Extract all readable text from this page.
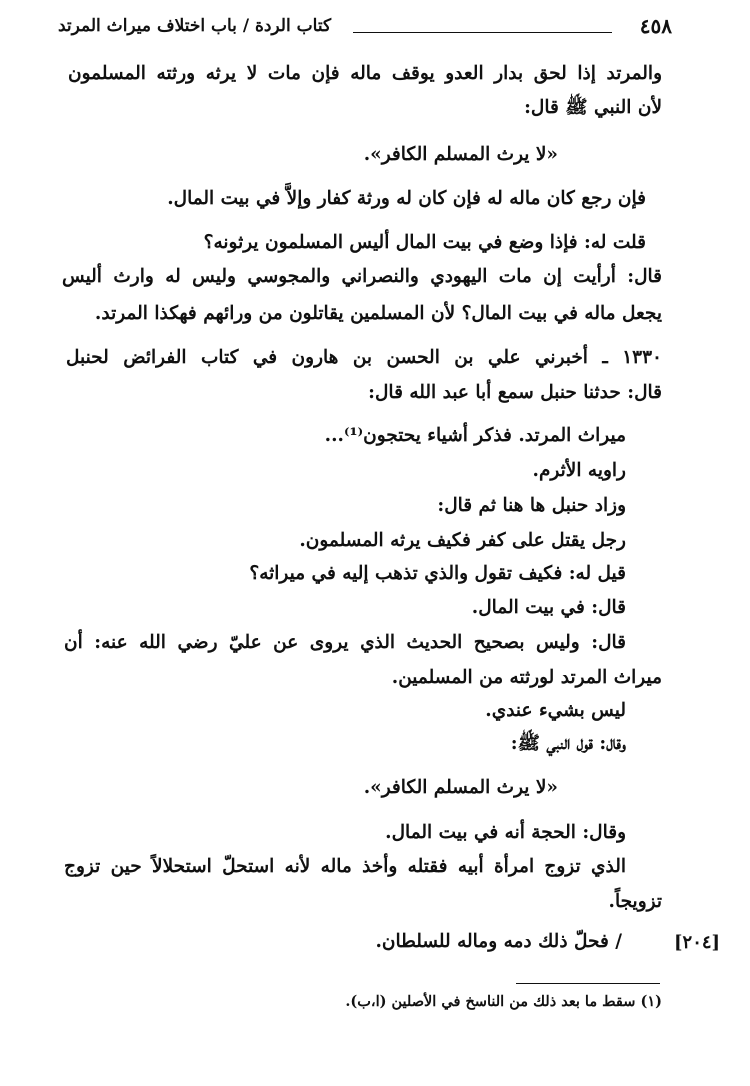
٤٥٨
كتاب الردة / باب اختلاف ميراث المرتد
والمرتد إذا لحق بدار العدو يوقف ماله فإن مات لا يرثه ورثته المسلمون
لأن النبي ﷺ قال:
«لا يرث المسلم الكافر».
فإن رجع كان ماله له فإن كان له ورثة كفار وإلاَّ في بيت المال.
قلت له: فإذا وضع في بيت المال أليس المسلمون يرثونه؟
قال: أرأيت إن مات اليهودي والنصراني والمجوسي وليس له وارث أليس
يجعل ماله في بيت المال؟ لأن المسلمين يقاتلون من ورائهم فهكذا المرتد.
١٣٣٠ ـ أخبرني علي بن الحسن بن هارون في كتاب الفرائض لحنبل
قال: حدثنا حنبل سمع أبا عبد الله قال:
ميراث المرتد. فذكر أشياء يحتجون⁽¹⁾...
راويه الأثرم.
وزاد حنبل ها هنا ثم قال:
رجل يقتل على كفر فكيف يرثه المسلمون.
قيل له: فكيف تقول والذي تذهب إليه في ميراثه؟
قال: في بيت المال.
قال: وليس بصحيح الحديث الذي يروى عن عليّ رضي الله عنه: أن
ميراث المرتد لورثته من المسلمين.
ليس بشيء عندي.
وقال: قول النبي ﷺ:
«لا يرث المسلم الكافر».
وقال: الحجة أنه في بيت المال.
الذي تزوج امرأة أبيه فقتله وأخذ ماله لأنه استحلّ استحلالاً حين تزوج
تزويجاً.
/ فحلّ ذلك دمه وماله للسلطان.	[٢٠٤]
(١) سقط ما بعد ذلك من الناسخ في الأصلين (ا،ب).
